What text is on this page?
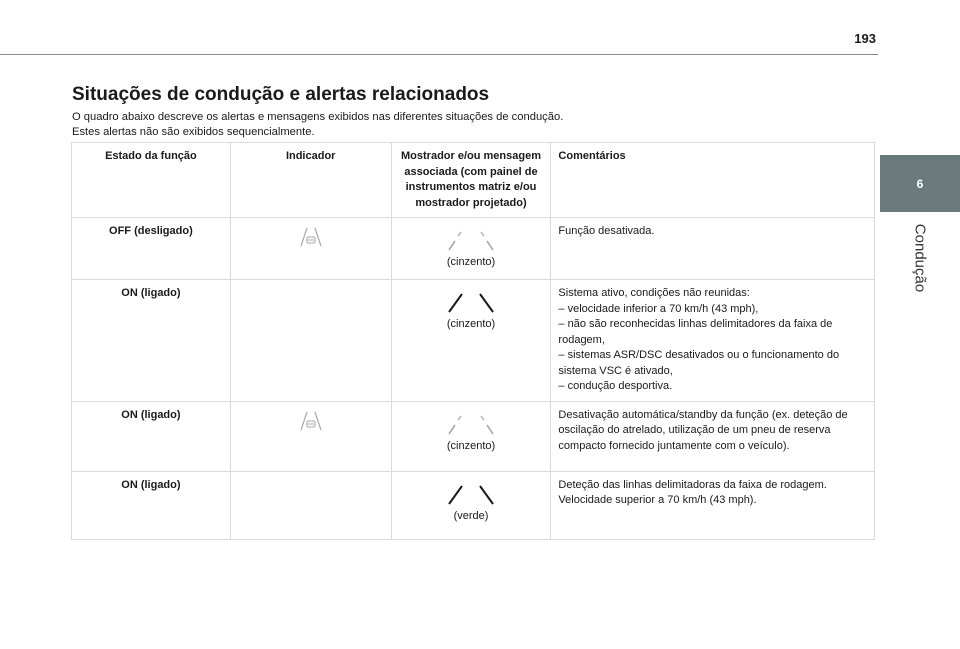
193
6
Condução
Situações de condução e alertas relacionados

O quadro abaixo descreve os alertas e mensagens exibidos nas diferentes situações de condução.

Estes alertas não são exibidos sequencialmente.

Estado da função	Indicador	Mostrador e/ou mensagem associada (com painel de instrumentos matriz e/ou mostrador projetado)	Comentários
OFF (desligado)		(cinzento)	Função desativada.

ON (ligado)		(cinzento)	Sistema ativo, condições não reunidas:

– velocidade inferior a 70 km/h (43 mph),

– não são reconhecidas linhas delimitadores da faixa de rodagem,

– sistemas ASR/DSC desativados ou o funcionamento do sistema VSC é ativado,

– condução desportiva.

ON (ligado)		(cinzento)	Desativação automática/standby da função (ex. deteção de oscilação do atrelado, utilização de um pneu de reserva compacto fornecido juntamente com o veículo).

ON (ligado)		(verde)	Deteção das linhas delimitadoras da faixa de rodagem.

Velocidade superior a 70 km/h (43 mph).
